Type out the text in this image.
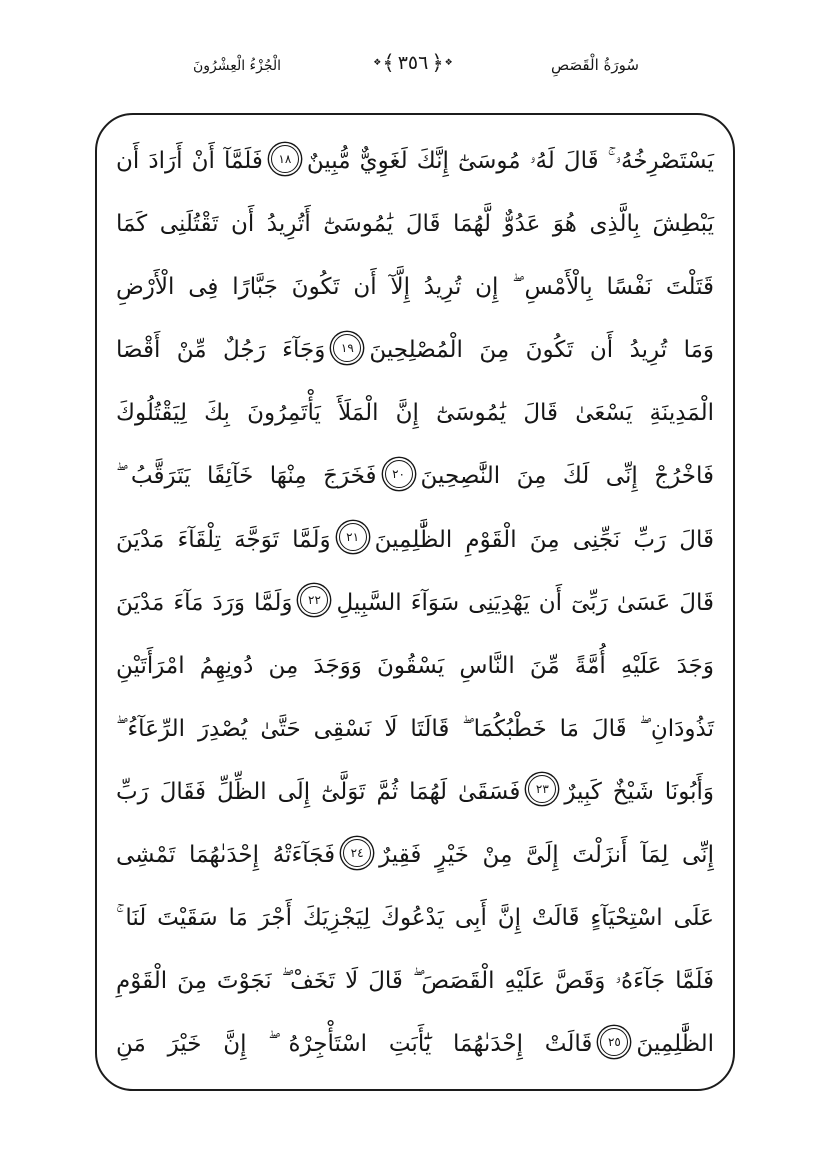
سُورَةُ الْقَصَصِ
❖
﴿
٣٥٦
﴾
❖
الْجُزْءُ الْعِشْرُونَ
يَسْتَصْرِخُهُۥ ۚ قَالَ لَهُۥ مُوسَىٰٓ إِنَّكَ لَغَوِيٌّ مُّبِينٌ١٨فَلَمَّآ أَنْ أَرَادَ أَن
يَبْطِشَ بِالَّذِى هُوَ عَدُوٌّ لَّهُمَا قَالَ يَٰمُوسَىٰٓ أَتُرِيدُ أَن تَقْتُلَنِى كَمَا
قَتَلْتَ نَفْسًا بِالْأَمْسِ ۖ إِن تُرِيدُ إِلَّآ أَن تَكُونَ جَبَّارًا فِى الْأَرْضِ
وَمَا تُرِيدُ أَن تَكُونَ مِنَ الْمُصْلِحِينَ١٩وَجَآءَ رَجُلٌ مِّنْ أَقْصَا
الْمَدِينَةِ يَسْعَىٰ قَالَ يَٰمُوسَىٰٓ إِنَّ الْمَلَأَ يَأْتَمِرُونَ بِكَ لِيَقْتُلُوكَ
فَاخْرُجْ إِنِّى لَكَ مِنَ النَّٰصِحِينَ٢٠فَخَرَجَ مِنْهَا خَآئِفًا يَتَرَقَّبُ ۖ
قَالَ رَبِّ نَجِّنِى مِنَ الْقَوْمِ الظَّٰلِمِينَ٢١وَلَمَّا تَوَجَّهَ تِلْقَآءَ مَدْيَنَ
قَالَ عَسَىٰ رَبِّىٓ أَن يَهْدِيَنِى سَوَآءَ السَّبِيلِ٢٢وَلَمَّا وَرَدَ مَآءَ مَدْيَنَ
وَجَدَ عَلَيْهِ أُمَّةً مِّنَ النَّاسِ يَسْقُونَ وَوَجَدَ مِن دُونِهِمُ امْرَأَتَيْنِ
تَذُودَانِ ۖ قَالَ مَا خَطْبُكُمَا ۖ قَالَتَا لَا نَسْقِى حَتَّىٰ يُصْدِرَ الرِّعَآءُ ۖ
وَأَبُونَا شَيْخٌ كَبِيرٌ٢٣فَسَقَىٰ لَهُمَا ثُمَّ تَوَلَّىٰٓ إِلَى الظِّلِّ فَقَالَ رَبِّ
إِنِّى لِمَآ أَنزَلْتَ إِلَىَّ مِنْ خَيْرٍ فَقِيرٌ٢٤فَجَآءَتْهُ إِحْدَىٰهُمَا تَمْشِى
عَلَى اسْتِحْيَآءٍ قَالَتْ إِنَّ أَبِى يَدْعُوكَ لِيَجْزِيَكَ أَجْرَ مَا سَقَيْتَ لَنَا ۚ
فَلَمَّا جَآءَهُۥ وَقَصَّ عَلَيْهِ الْقَصَصَ ۖ قَالَ لَا تَخَفْ ۖ نَجَوْتَ مِنَ الْقَوْمِ
الظَّٰلِمِينَ٢٥قَالَتْ إِحْدَىٰهُمَا يَٰٓأَبَتِ اسْتَأْجِرْهُ ۖ إِنَّ خَيْرَ مَنِ
